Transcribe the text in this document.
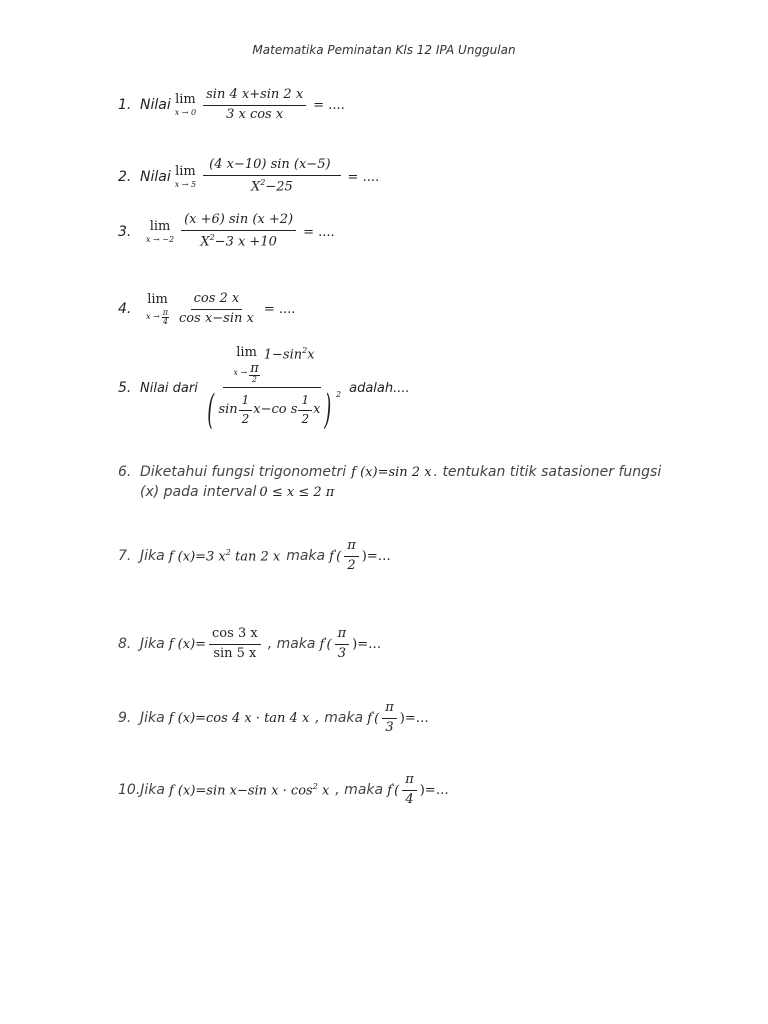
Matematika Peminatan Kls 12 IPA Unggulan
1. Nilai lim
$x \to 0 \frac{\sin 4 x+\sin 2 x}{\text{3 x cos x}}$ = ....
2. Nilai lim
$x \to 5 \frac{(4 x-10) \sin (x-5)}{X^2-25}$ = ....
3.	lim
$x \to -2 \frac{(x +6) \sin (x +2)}{X^2-3 x +10}$ = ....
4.
lim
x → π
$4 \frac{\cos 2 x}{\text{cos x−sin x}}$ = ....
5. Nilai dari lim
x → π
2
$1-\sin^2x$
( $\sin \frac{1}{2} x-co$ s $\frac{1}{2}$ x ) 2 adalah....
6. Diketahui fungsi trigonometri f (x)=sin 2 x . tentukan titik satasioner fungsi
(x) pada interval 0 ≤ x ≤ 2 π
7. Jika f (x)=3 $x^2$ tan 2 x maka $f'( \frac{\pi}{2}$ )=…
8. Jika f $(x)= \frac{\cos 3 x}{\sin 5 x}$ , maka $f'( \frac{\pi}{3}$ )=…
9. Jika f (x)=cos 4 x · tan 4 x , maka $f'( \frac{\pi}{3}$ )=…
10. Jika f (x)=sin x−sin $x \cdot \cos^2 x$ , maka $f'( \frac{\pi}{4}$ )=…
